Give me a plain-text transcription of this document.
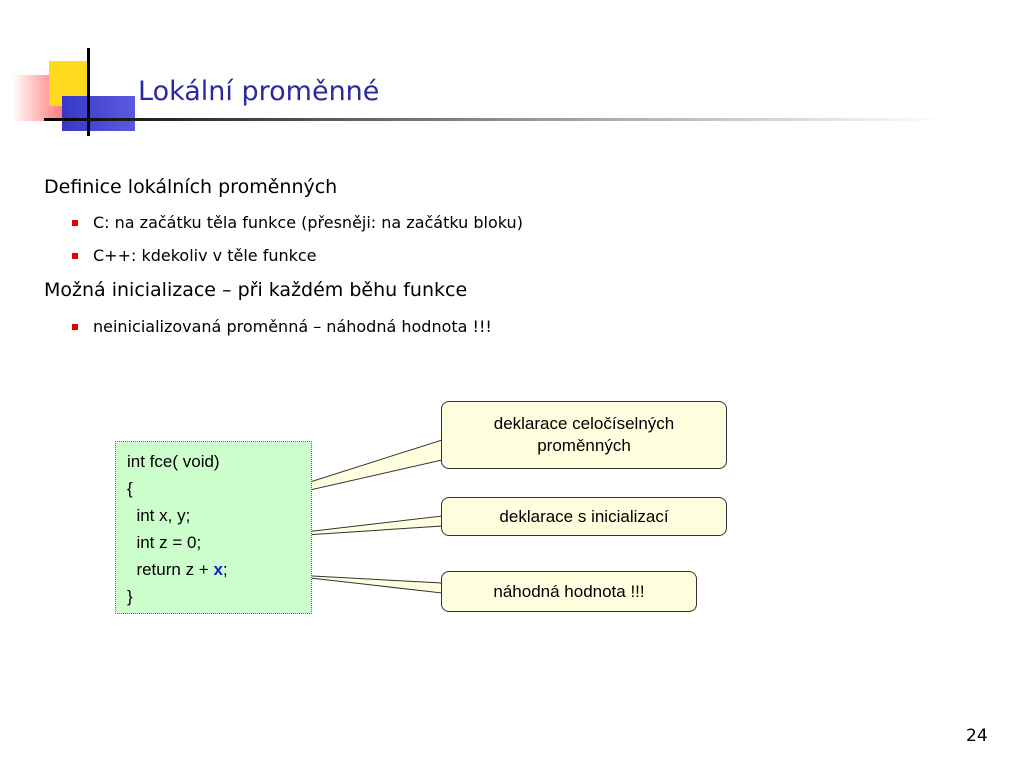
Lokální proměnné
Definice lokálních proměnných
C: na začátku těla funkce (přesněji: na začátku bloku)
C++: kdekoliv v těle funkce
Možná inicializace – při každém běhu funkce
neinicializovaná proměnná – náhodná hodnota !!!
int fce( void)
{
int x, y;
int z = 0;
return z + x;
}
deklarace celočíselných
proměnných
deklarace s inicializací
náhodná hodnota !!!
24
